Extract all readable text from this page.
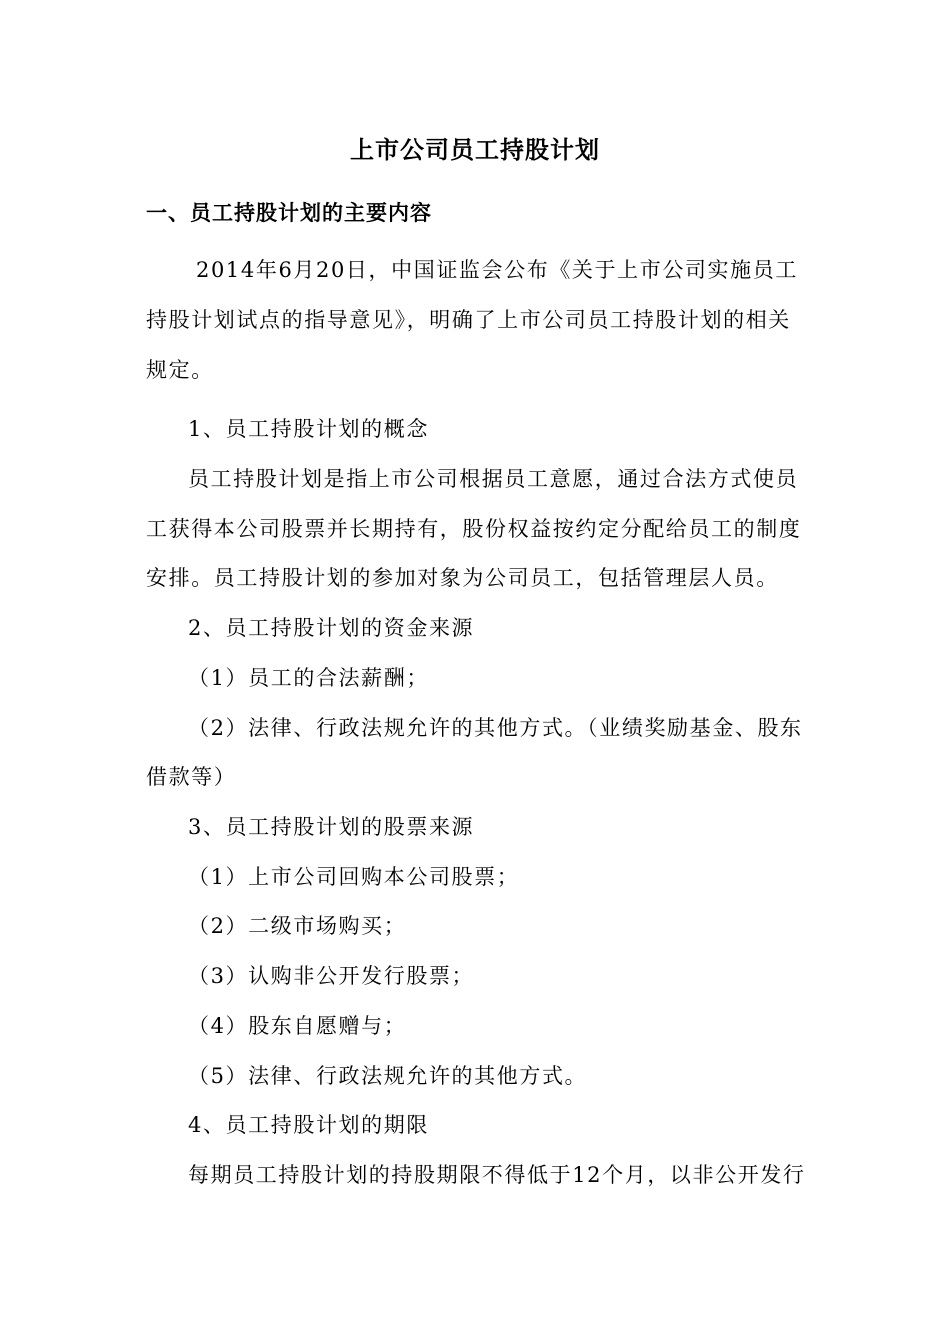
上市公司员工持股计划
一、员工持股计划的主要内容
2014年6月20日，中国证监会公布《关于上市公司实施员工
持股计划试点的指导意见》，明确了上市公司员工持股计划的相关
规定。
1、员工持股计划的概念
员工持股计划是指上市公司根据员工意愿，通过合法方式使员
工获得本公司股票并长期持有，股份权益按约定分配给员工的制度
安排。员工持股计划的参加对象为公司员工，包括管理层人员。
2、员工持股计划的资金来源
（1）员工的合法薪酬；
（2）法律、行政法规允许的其他方式。（业绩奖励基金、股东
借款等）
3、员工持股计划的股票来源
（1）上市公司回购本公司股票；
（2）二级市场购买；
（3）认购非公开发行股票；
（4）股东自愿赠与；
（5）法律、行政法规允许的其他方式。
4、员工持股计划的期限
每期员工持股计划的持股期限不得低于12个月，以非公开发行
